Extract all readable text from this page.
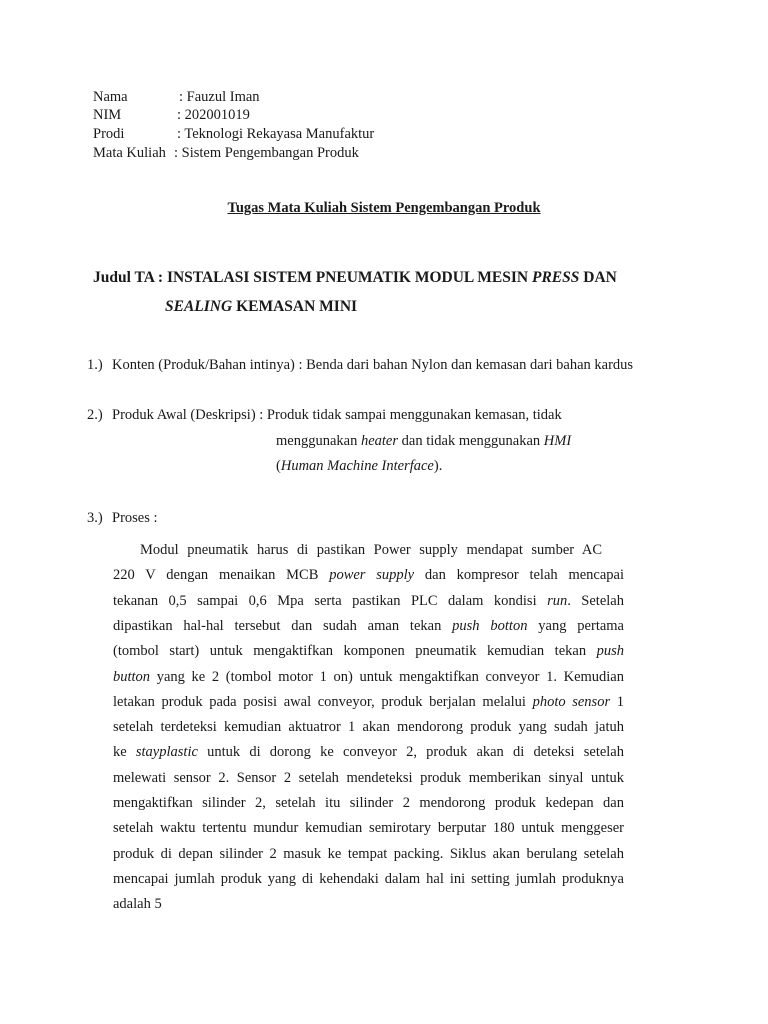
Nama	: Fauzul Iman
NIM	: 202001019
Prodi	: Teknologi Rekayasa Manufaktur
Mata Kuliah : Sistem Pengembangan Produk
Tugas Mata Kuliah Sistem Pengembangan Produk
Judul TA : INSTALASI SISTEM PNEUMATIK MODUL MESIN PRESS DAN
SEALING KEMASAN MINI
1.) Konten (Produk/Bahan intinya) : Benda dari bahan Nylon dan kemasan dari bahan kardus
2.) Produk Awal (Deskripsi) : Produk tidak sampai menggunakan kemasan, tidak
menggunakan heater dan tidak menggunakan HMI
(Human Machine Interface).
3.) Proses :
Modul pneumatik harus di pastikan Power supply mendapat sumber AC
220 V dengan menaikan MCB power supply dan kompresor telah mencapai
tekanan 0,5 sampai 0,6 Mpa serta pastikan PLC dalam kondisi run. Setelah
dipastikan hal-hal tersebut dan sudah aman tekan push botton yang pertama
(tombol start) untuk mengaktifkan komponen pneumatik kemudian tekan push
button yang ke 2 (tombol motor 1 on) untuk mengaktifkan conveyor 1. Kemudian
letakan produk pada posisi awal conveyor, produk berjalan melalui photo sensor 1
setelah terdeteksi kemudian aktuatror 1 akan mendorong produk yang sudah jatuh
ke stayplastic untuk di dorong ke conveyor 2, produk akan di deteksi setelah
melewati sensor 2. Sensor 2 setelah mendeteksi produk memberikan sinyal untuk
mengaktifkan silinder 2, setelah itu silinder 2 mendorong produk kedepan dan
setelah waktu tertentu mundur kemudian semirotary berputar 180 untuk menggeser
produk di depan silinder 2 masuk ke tempat packing. Siklus akan berulang setelah
mencapai jumlah produk yang di kehendaki dalam hal ini setting jumlah produknya
adalah 5
